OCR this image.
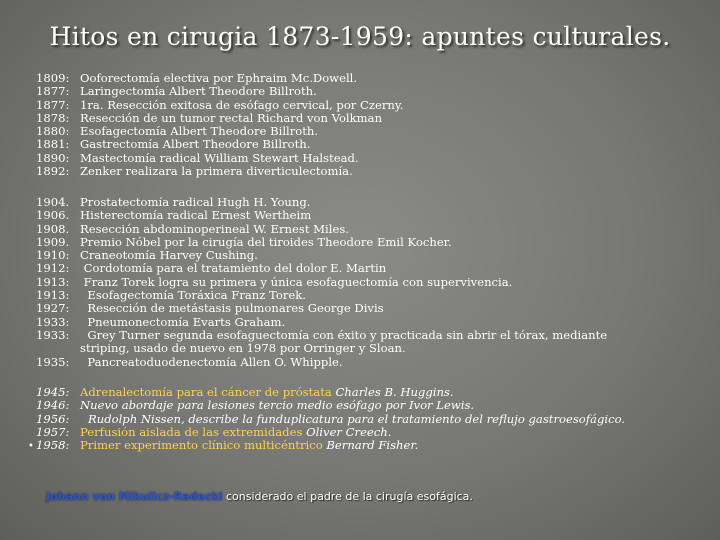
Hitos en cirugia 1873-1959: apuntes culturales.
1809: Ooforectomía electiva por Ephraim Mc.Dowell.
1877: Laringectomía Albert Theodore Billroth.
1877: 1ra. Resección exitosa de esófago cervical, por Czerny.
1878: Resección de un tumor rectal Richard von Volkman
1880: Esofagectomía Albert Theodore Billroth.
1881: Gastrectomía Albert Theodore Billroth.
1890: Mastectomía radical William Stewart Halstead.
1892: Zenker realizara la primera diverticulectomía.
1904. Prostatectomía radical Hugh H. Young.
1906. Histerectomía radical Ernest Wertheim
1908. Resección abdominoperineal W. Ernest Miles.
1909. Premio Nóbel por la cirugía del tiroides Theodore Emil Kocher.
1910: Craneotomía Harvey Cushing.
1912: Cordotomía para el tratamiento del dolor E. Martin
1913: Franz Torek logra su primera y única esofaguectomía con supervivencia.
1913: Esofagectomía Toráxica Franz Torek.
1927: Resección de metástasis pulmonares George Divis
1933: Pneumonectomía Evarts Graham.
1933: Grey Turner segunda esofaguectomía con éxito y practicada sin abrir el tórax, mediante striping, usado de nuevo en 1978 por Orringer y Sloan.
1935: Pancreatoduodenectomía Allen O. Whipple.
1945: Adrenalectomía para el cáncer de próstata Charles B. Huggins.
1946: Nuevo abordaje para lesiones tercio medio esófago por Ivor Lewis.
1956:	Rudolph Nissen, describe la funduplicatura para el tratamiento del reflujo gastroesofágico.
1957: Perfusión aislada de las extremidades Oliver Creech.
1958: Primer experimento clínico multicéntrico Bernard Fisher.
•
Johann von Mikulicz-Radecki considerado el padre de la cirugía esofágica.
